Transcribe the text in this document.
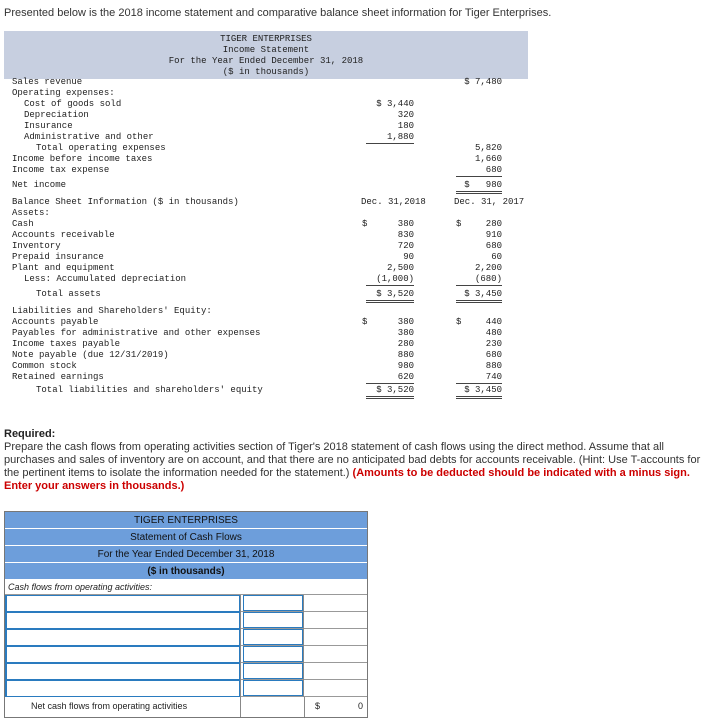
Presented below is the 2018 income statement and comparative balance sheet information for Tiger Enterprises.
TIGER ENTERPRISES
Income Statement
For the Year Ended December 31, 2018
($ in thousands)
Sales revenue	$ 7,480
Operating expenses:
Cost of goods sold	$ 3,440
Depreciation	320
Insurance	180
Administrative and other	1,880
Total operating expenses	5,820
Income before income taxes	1,660
Income tax expense	680
Net income	$   980
Balance Sheet Information ($ in thousands)	Dec. 31,2018	Dec. 31, 2017
Assets:
Cash	$	380	$	280
Accounts receivable	830	910
Inventory	720	680
Prepaid insurance	90	60
Plant and equipment	2,500	2,200
Less: Accumulated depreciation	(1,000)	(680)
Total assets	$ 3,520	$ 3,450
Liabilities and Shareholders' Equity:
Accounts payable	$	380	$	440
Payables for administrative and other expenses	380	480
Income taxes payable	280	230
Note payable (due 12/31/2019)	880	680
Common stock	980	880
Retained earnings	620	740
Total liabilities and shareholders' equity	$ 3,520	$ 3,450
Required:
Prepare the cash flows from operating activities section of Tiger's 2018 statement of cash flows using the direct method. Assume that all purchases and sales of inventory are on account, and that there are no anticipated bad debts for accounts receivable. (Hint: Use T-accounts for the pertinent items to isolate the information needed for the statement.) (Amounts to be deducted should be indicated with a minus sign. Enter your answers in thousands.)
TIGER ENTERPRISES
Statement of Cash Flows
For the Year Ended December 31, 2018
($ in thousands)
Cash flows from operating activities:
Net cash flows from operating activities	$	0
